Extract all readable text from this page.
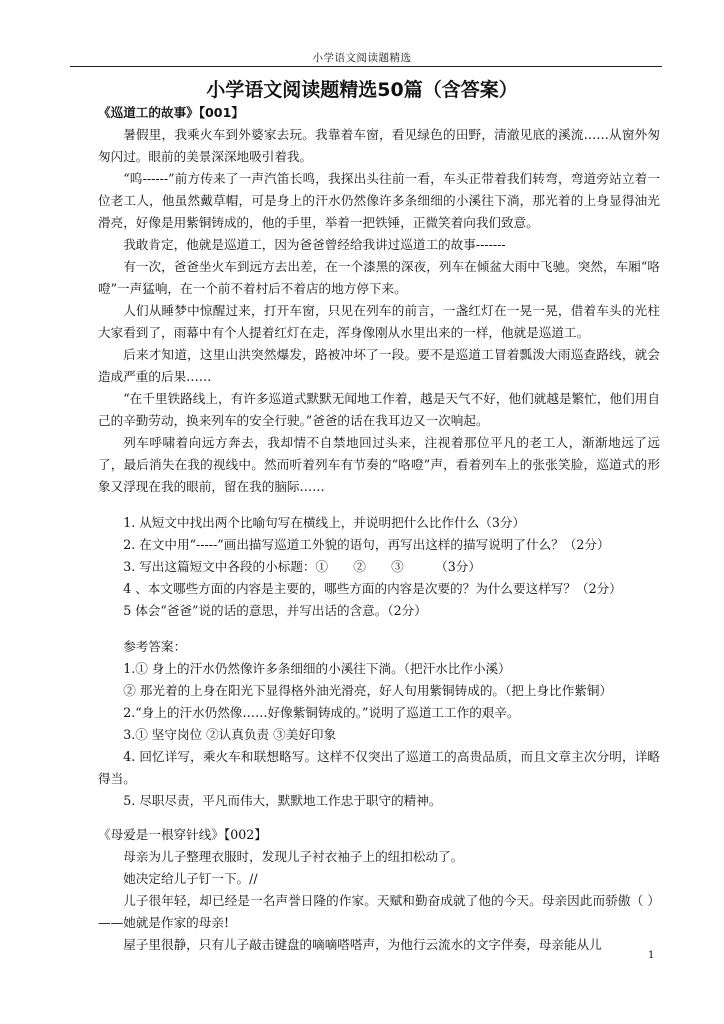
小学语文阅读题精选
小学语文阅读题精选50篇（含答案）

《巡道工的故事》【001】

暑假里，我乘火车到外婆家去玩。我靠着车窗，看见绿色的田野，清澈见底的溪流……从窗外匆匆闪过。眼前的美景深深地吸引着我。

“呜------”前方传来了一声汽笛长鸣，我探出头往前一看，车头正带着我们转弯，弯道旁站立着一位老工人，他虽然戴草帽，可是身上的汗水仍然像许多条细细的小溪往下淌，那光着的上身显得油光滑亮，好像是用紫铜铸成的，他的手里，举着一把铁锤，正微笑着向我们致意。

我敢肯定，他就是巡道工，因为爸爸曾经给我讲过巡道工的故事-------

有一次，爸爸坐火车到远方去出差，在一个漆黑的深夜，列车在倾盆大雨中飞驰。突然，车厢“咯噔”一声猛响，在一个前不着村后不着店的地方停下来。

人们从睡梦中惊醒过来，打开车窗，只见在列车的前言，一盏红灯在一晃一晃，借着车头的光柱大家看到了，雨幕中有个人提着红灯在走，浑身像刚从水里出来的一样，他就是巡道工。

后来才知道，这里山洪突然爆发，路被冲坏了一段。要不是巡道工冒着瓢泼大雨巡查路线，就会造成严重的后果……

“在千里铁路线上，有许多巡道式默默无闻地工作着，越是天气不好，他们就越是繁忙，他们用自己的辛勤劳动，换来列车的安全行驶。”爸爸的话在我耳边又一次响起。

列车呼啸着向远方奔去，我却情不自禁地回过头来，注视着那位平凡的老工人，渐渐地远了远了，最后消失在我的视线中。然而听着列车有节奏的“咯噔”声，看着列车上的张张笑脸，巡道式的形象又浮现在我的眼前，留在我的脑际……

1. 从短文中找出两个比喻句写在横线上，并说明把什么比作什么（3分）

2. 在文中用“-----”画出描写巡道工外貌的语句，再写出这样的描写说明了什么？（2分）

3. 写出这篇短文中各段的小标题：①　　②　　③　　　（3分）

4 、本文哪些方面的内容是主要的，哪些方面的内容是次要的？为什么要这样写？（2分）

5 体会“爸爸”说的话的意思，并写出话的含意。（2分）

参考答案：

1.① 身上的汗水仍然像许多条细细的小溪往下淌。（把汗水比作小溪）

② 那光着的上身在阳光下显得格外油光滑亮，好人旬用紫铜铸成的。（把上身比作紫铜）

2.“身上的汗水仍然像……好像紫铜铸成的。”说明了巡道工工作的艰辛。

3.① 坚守岗位 ②认真负责 ③美好印象

4. 回忆详写，乘火车和联想略写。这样不仅突出了巡道工的高贵品质，而且文章主次分明，详略得当。

5. 尽职尽责，平凡而伟大，默默地工作忠于职守的精神。

《母爱是一根穿针线》【002】

母亲为儿子整理衣服时，发现儿子衬衣袖子上的纽扣松动了。

她决定给儿子钉一下。//

儿子很年轻，却已经是一名声誉日隆的作家。天赋和勤奋成就了他的今天。母亲因此而骄傲（ ）——她就是作家的母亲!

屋子里很静，只有儿子敲击键盘的嘀嘀嗒嗒声，为他行云流水的文字伴奏，母亲能从儿

1
